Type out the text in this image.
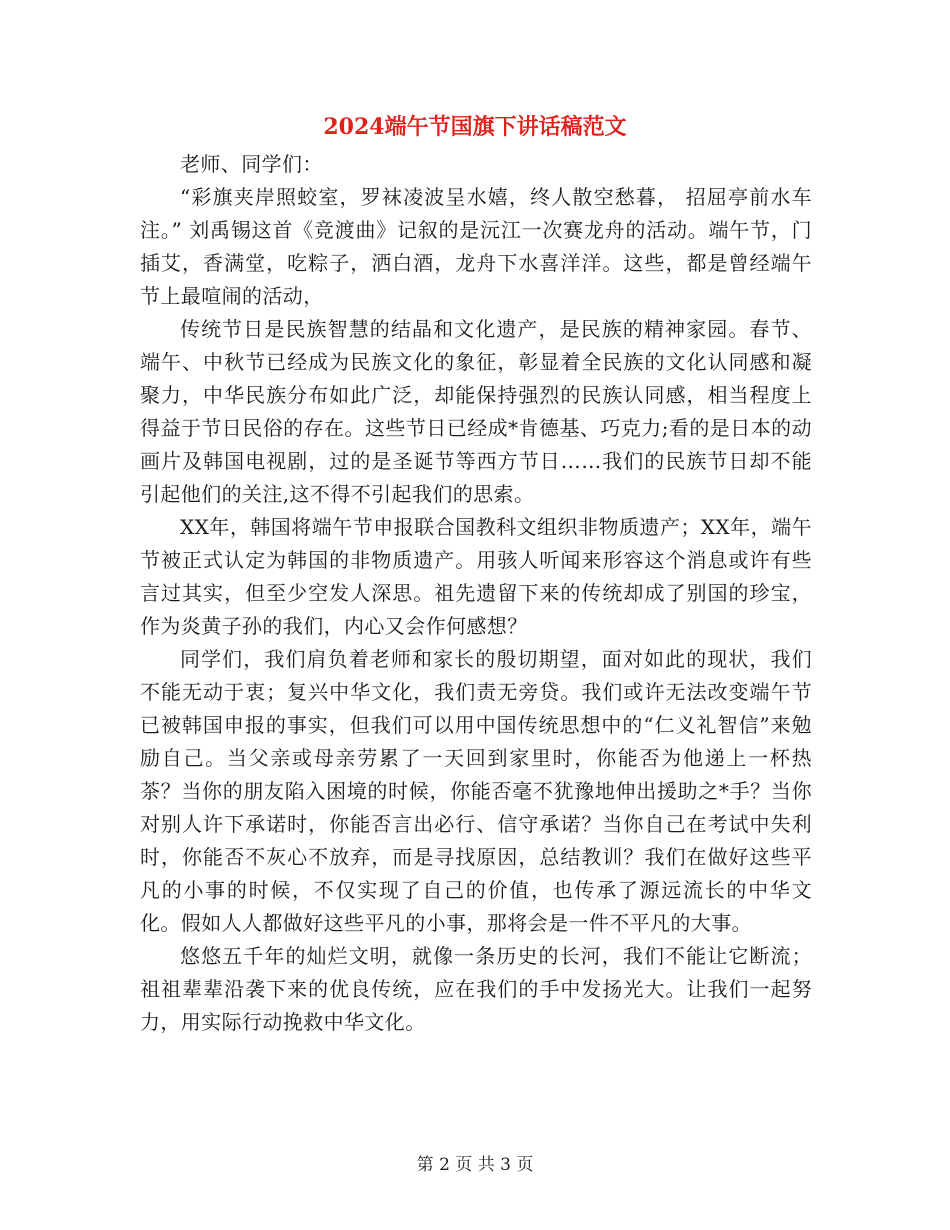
2024端午节国旗下讲话稿范文

老师、同学们：

“彩旗夹岸照蛟室，罗袜凌波呈水嬉，终人散空愁暮， 招屈亭前水车注。” 刘禹锡这首《竞渡曲》记叙的是沅江一次赛龙舟的活动。端午节，门插艾，香满堂，吃粽子，洒白酒，龙舟下水喜洋洋。这些，都是曾经端午节上最喧闹的活动，

传统节日是民族智慧的结晶和文化遗产，是民族的精神家园。春节、端午、中秋节已经成为民族文化的象征，彰显着全民族的文化认同感和凝聚力，中华民族分布如此广泛，却能保持强烈的民族认同感，相当程度上得益于节日民俗的存在。这些节日已经成*肯德基、巧克力;看的是日本的动画片及韩国电视剧，过的是圣诞节等西方节日……我们的民族节日却不能引起他们的关注,这不得不引起我们的思索。

XX年，韩国将端午节申报联合国教科文组织非物质遗产；XX年，端午节被正式认定为韩国的非物质遗产。用骇人听闻来形容这个消息或许有些言过其实，但至少空发人深思。祖先遗留下来的传统却成了别国的珍宝，作为炎黄子孙的我们，内心又会作何感想？

同学们，我们肩负着老师和家长的殷切期望，面对如此的现状，我们不能无动于衷；复兴中华文化，我们责无旁贷。我们或许无法改变端午节已被韩国申报的事实，但我们可以用中国传统思想中的“仁义礼智信”来勉励自己。当父亲或母亲劳累了一天回到家里时，你能否为他递上一杯热茶？当你的朋友陷入困境的时候，你能否毫不犹豫地伸出援助之*手？当你对别人许下承诺时，你能否言出必行、信守承诺？当你自己在考试中失利时，你能否不灰心不放弃，而是寻找原因，总结教训？我们在做好这些平凡的小事的时候，不仅实现了自己的价值，也传承了源远流长的中华文化。假如人人都做好这些平凡的小事，那将会是一件不平凡的大事。

悠悠五千年的灿烂文明，就像一条历史的长河，我们不能让它断流；祖祖辈辈沿袭下来的优良传统，应在我们的手中发扬光大。让我们一起努力，用实际行动挽救中华文化。

第 2 页 共 3 页
